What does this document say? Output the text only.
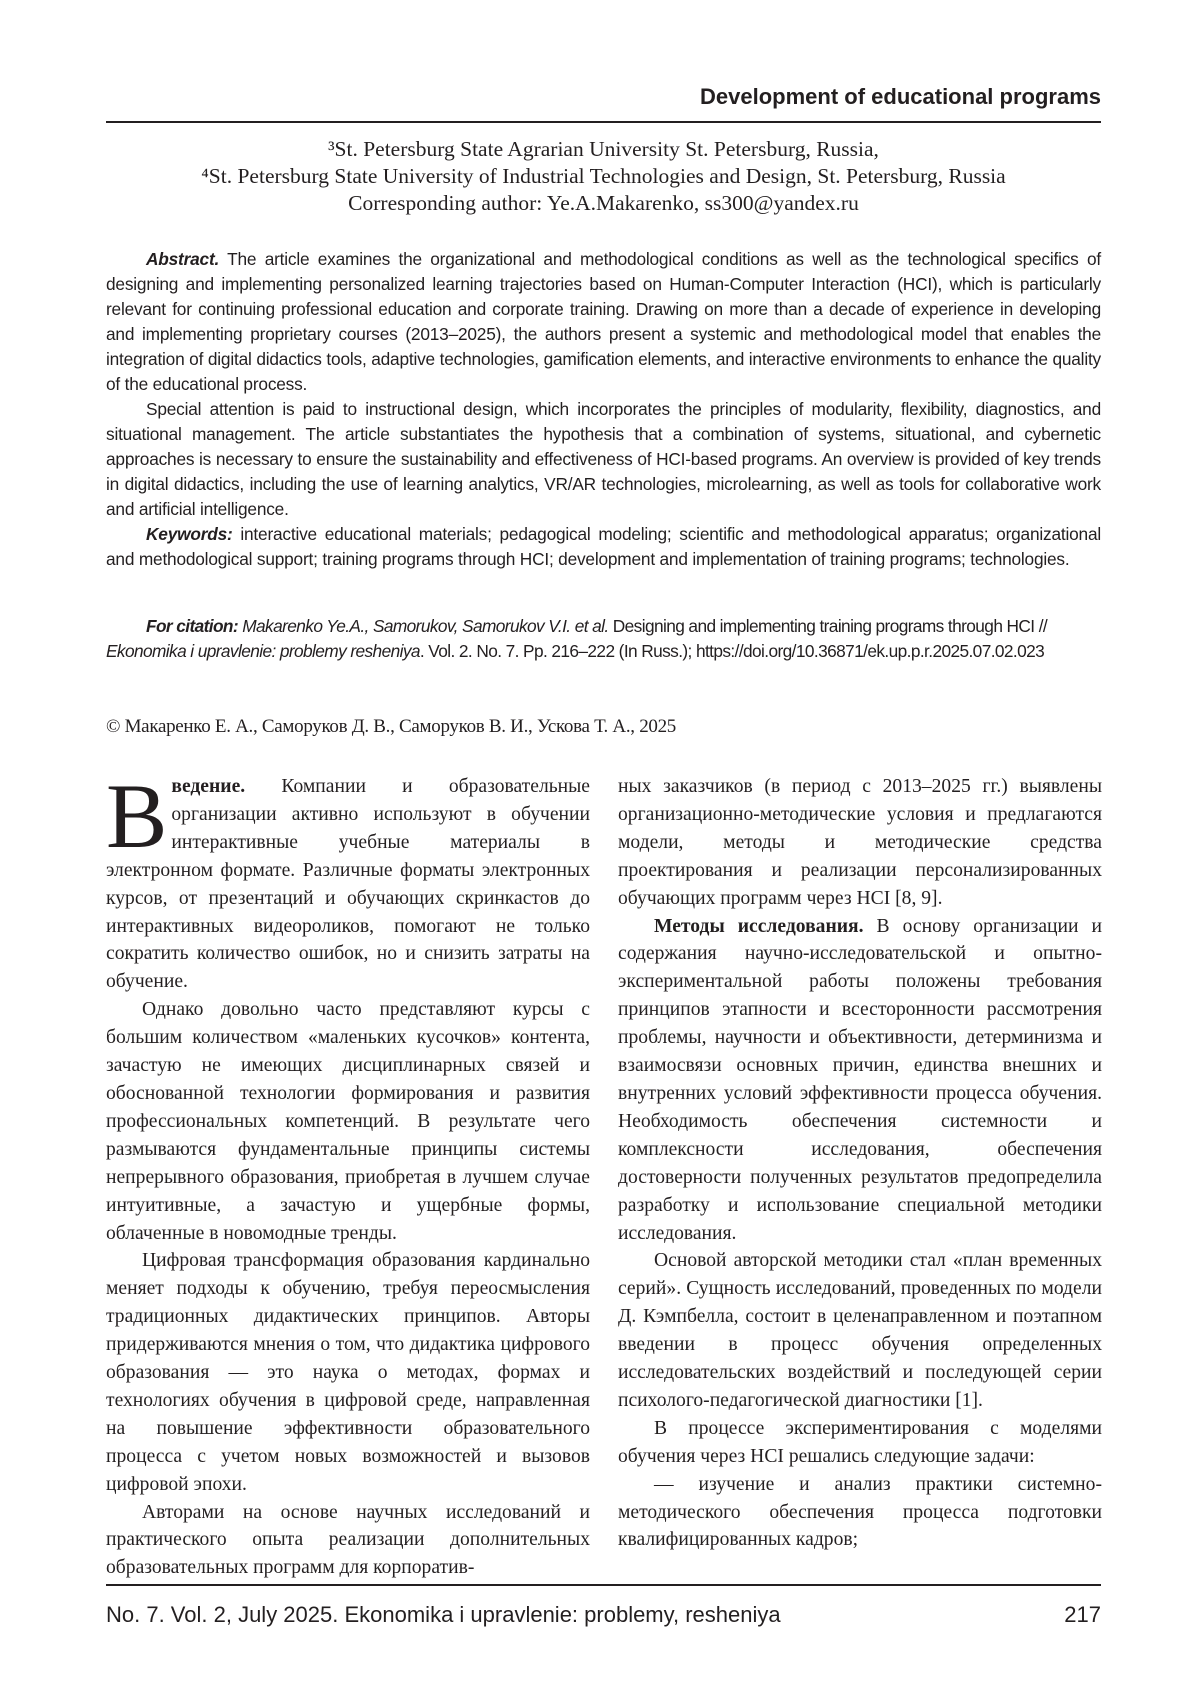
Development of educational programs
³St. Petersburg State Agrarian University St. Petersburg, Russia,
⁴St. Petersburg State University of Industrial Technologies and Design, St. Petersburg, Russia
Corresponding author: Ye.A.Makarenko, ss300@yandex.ru

Abstract. The article examines the organizational and methodological conditions as well as the technological specifics of designing and implementing personalized learning trajectories based on Human-Computer Interaction (HCI), which is particularly relevant for continuing professional education and corporate training. Drawing on more than a decade of experience in developing and implementing proprietary courses (2013–2025), the authors present a systemic and methodological model that enables the integration of digital didactics tools, adaptive technologies, gamification elements, and interactive environments to enhance the quality of the educational process.

Special attention is paid to instructional design, which incorporates the principles of modularity, flexibility, diagnostics, and situational management. The article substantiates the hypothesis that a combination of systems, situational, and cybernetic approaches is necessary to ensure the sustainability and effectiveness of HCI-based programs. An overview is provided of key trends in digital didactics, including the use of learning analytics, VR/AR technologies, microlearning, as well as tools for collaborative work and artificial intelligence.

Keywords: interactive educational materials; pedagogical modeling; scientific and methodological apparatus; organizational and methodological support; training programs through HCI; development and implementation of training programs; technologies.

For citation: Makarenko Ye.A., Samorukov, Samorukov V.I. et al. Designing and implementing training programs through HCI // Ekonomika i upravlenie: problemy resheniya. Vol. 2. No. 7. Pp. 216–222 (In Russ.); https://doi.org/10.36871/ek.up.p.r.2025.07.02.023

© Макаренко Е. А., Саморуков Д. В., Саморуков В. И., Ускова Т. А., 2025

В ведение. Компании и образовательные организации активно используют в обучении интерактивные учебные материалы в электронном формате. Различные форматы электронных курсов, от презентаций и обучающих скринкастов до интерактивных видеороликов, помогают не только сократить количество ошибок, но и снизить затраты на обучение.

Однако довольно часто представляют курсы с большим количеством «маленьких кусочков» контента, зачастую не имеющих дисциплинарных связей и обоснованной технологии формирования и развития профессиональных компетенций. В результате чего размываются фундаментальные принципы системы непрерывного образования, приобретая в лучшем случае интуитивные, а зачастую и ущербные формы, облаченные в новомодные тренды.

Цифровая трансформация образования кардинально меняет подходы к обучению, требуя переосмысления традиционных дидактических принципов. Авторы придерживаются мнения о том, что дидактика цифрового образования — это наука о методах, формах и технологиях обучения в цифровой среде, направленная на повышение эффективности образовательного процесса с учетом новых возможностей и вызовов цифровой эпохи.

Авторами на основе научных исследований и практического опыта реализации дополнительных образовательных программ для корпоратив-

ных заказчиков (в период с 2013–2025 гг.) выявлены организационно-методические условия и предлагаются модели, методы и методические средства проектирования и реализации персонализированных обучающих программ через HCI [8, 9].

Методы исследования. В основу организации и содержания научно-исследовательской и опытно-экспериментальной работы положены требования принципов этапности и всесторонности рассмотрения проблемы, научности и объективности, детерминизма и взаимосвязи основных причин, единства внешних и внутренних условий эффективности процесса обучения. Необходимость обеспечения системности и комплексности исследования, обеспечения достоверности полученных результатов предопределила разработку и использование специальной методики исследования.

Основой авторской методики стал «план временных серий». Сущность исследований, проведенных по модели Д. Кэмпбелла, состоит в целенаправленном и поэтапном введении в процесс обучения определенных исследовательских воздействий и последующей серии психолого-педагогической диагностики [1].

В процессе экспериментирования с моделями обучения через HCI решались следующие задачи:

— изучение и анализ практики системно-методического обеспечения процесса подготовки квалифицированных кадров;

No. 7. Vol. 2, July 2025. Ekonomika i upravlenie: problemy, resheniya	217
